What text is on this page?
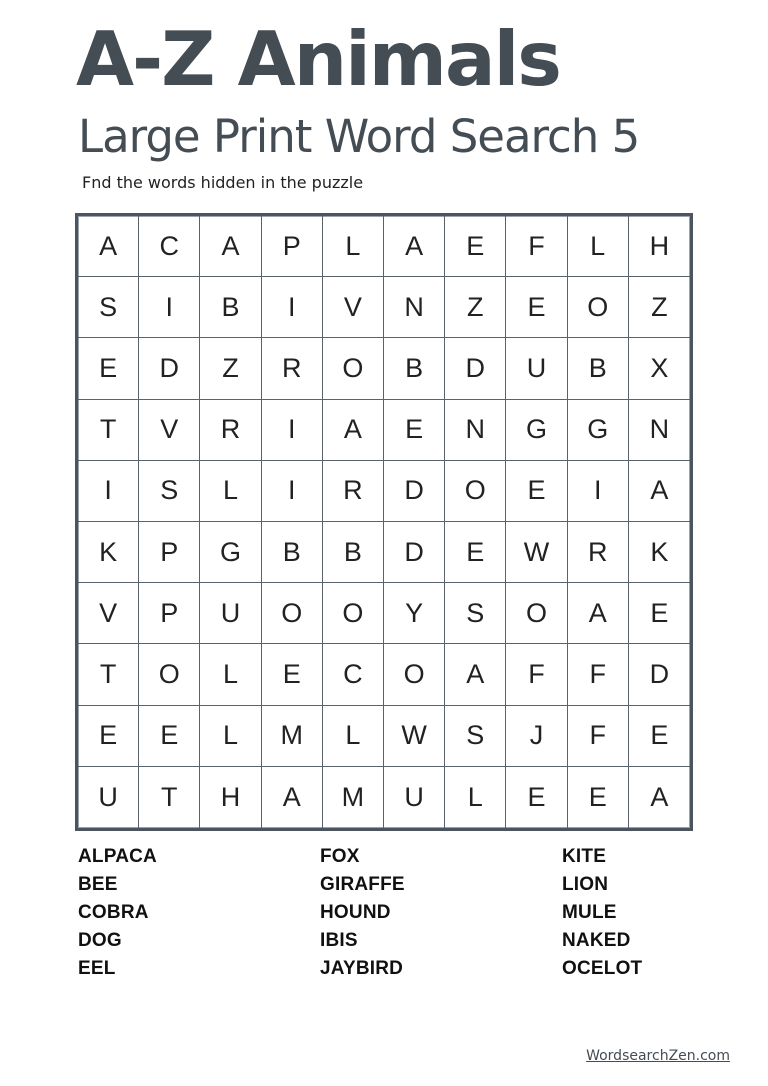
A-Z Animals
Large Print Word Search 5
Fnd the words hidden in the puzzle
A	C	A	P	L	A	E	F	L	H
S	I	B	I	V	N	Z	E	O	Z
E	D	Z	R	O	B	D	U	B	X
T	V	R	I	A	E	N	G	G	N
I	S	L	I	R	D	O	E	I	A
K	P	G	B	B	D	E	W	R	K
V	P	U	O	O	Y	S	O	A	E
T	O	L	E	C	O	A	F	F	D
E	E	L	M	L	W	S	J	F	E
U	T	H	A	M	U	L	E	E	A
ALPACA
BEE
COBRA
DOG
EEL
FOX
GIRAFFE
HOUND
IBIS
JAYBIRD
KITE
LION
MULE
NAKED
OCELOT
WordsearchZen.com
